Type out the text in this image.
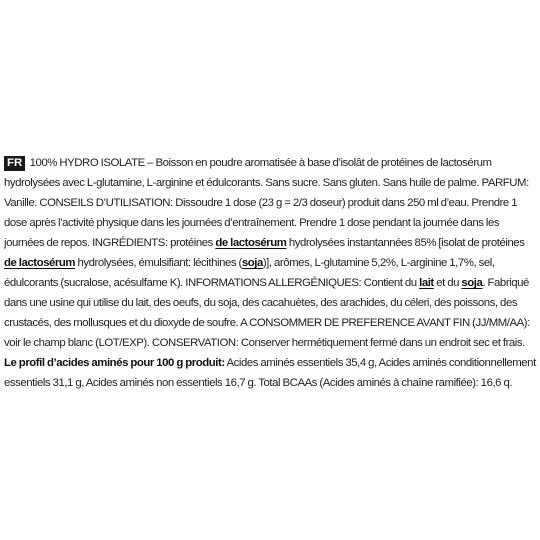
FR 100% HYDRO ISOLATE – Boisson en poudre aromatisée à base d’isolât de protéines de lactosérum hydrolysées avec L-glutamine, L-arginine et édulcorants. Sans sucre. Sans gluten. Sans huile de palme. PARFUM: Vanille. CONSEILS D’UTILISATION: Dissoudre 1 dose (23 g = 2/3 doseur) produit dans 250 ml d’eau. Prendre 1 dose après l’activité physique dans les journées d’entraînement. Prendre 1 dose pendant la journée dans les journées de repos. INGRÉDIENTS: protéines de lactosérum hydrolysées instantannées 85% [isolat de protéines de lactosérum hydrolysées, émulsifiant: lécithines (soja)], arômes, L-glutamine 5,2%, L-arginine 1,7%, sel, édulcorants (sucralose, acésulfame K). INFORMATIONS ALLERGÉNIQUES: Contient du lait et du soja. Fabriqué dans une usine qui utilise du lait, des oeufs, du soja, des cacahuètes, des arachides, du céleri, des poissons, des crustacés, des mollusques et du dioxyde de soufre. A CONSOMMER DE PREFERENCE AVANT FIN (JJ/MM/AA): voir le champ blanc (LOT/EXP). CONSERVATION: Conserver hermétiquement fermé dans un endroit sec et frais. Le profil d’acides aminés pour 100 g produit: Acides aminés essentiels 35,4 g, Acides aminés conditionnellement essentiels 31,1 g, Acides aminés non essentiels 16,7 g. Total BCAAs (Acides aminés à chaîne ramifiée): 16,6 q.
